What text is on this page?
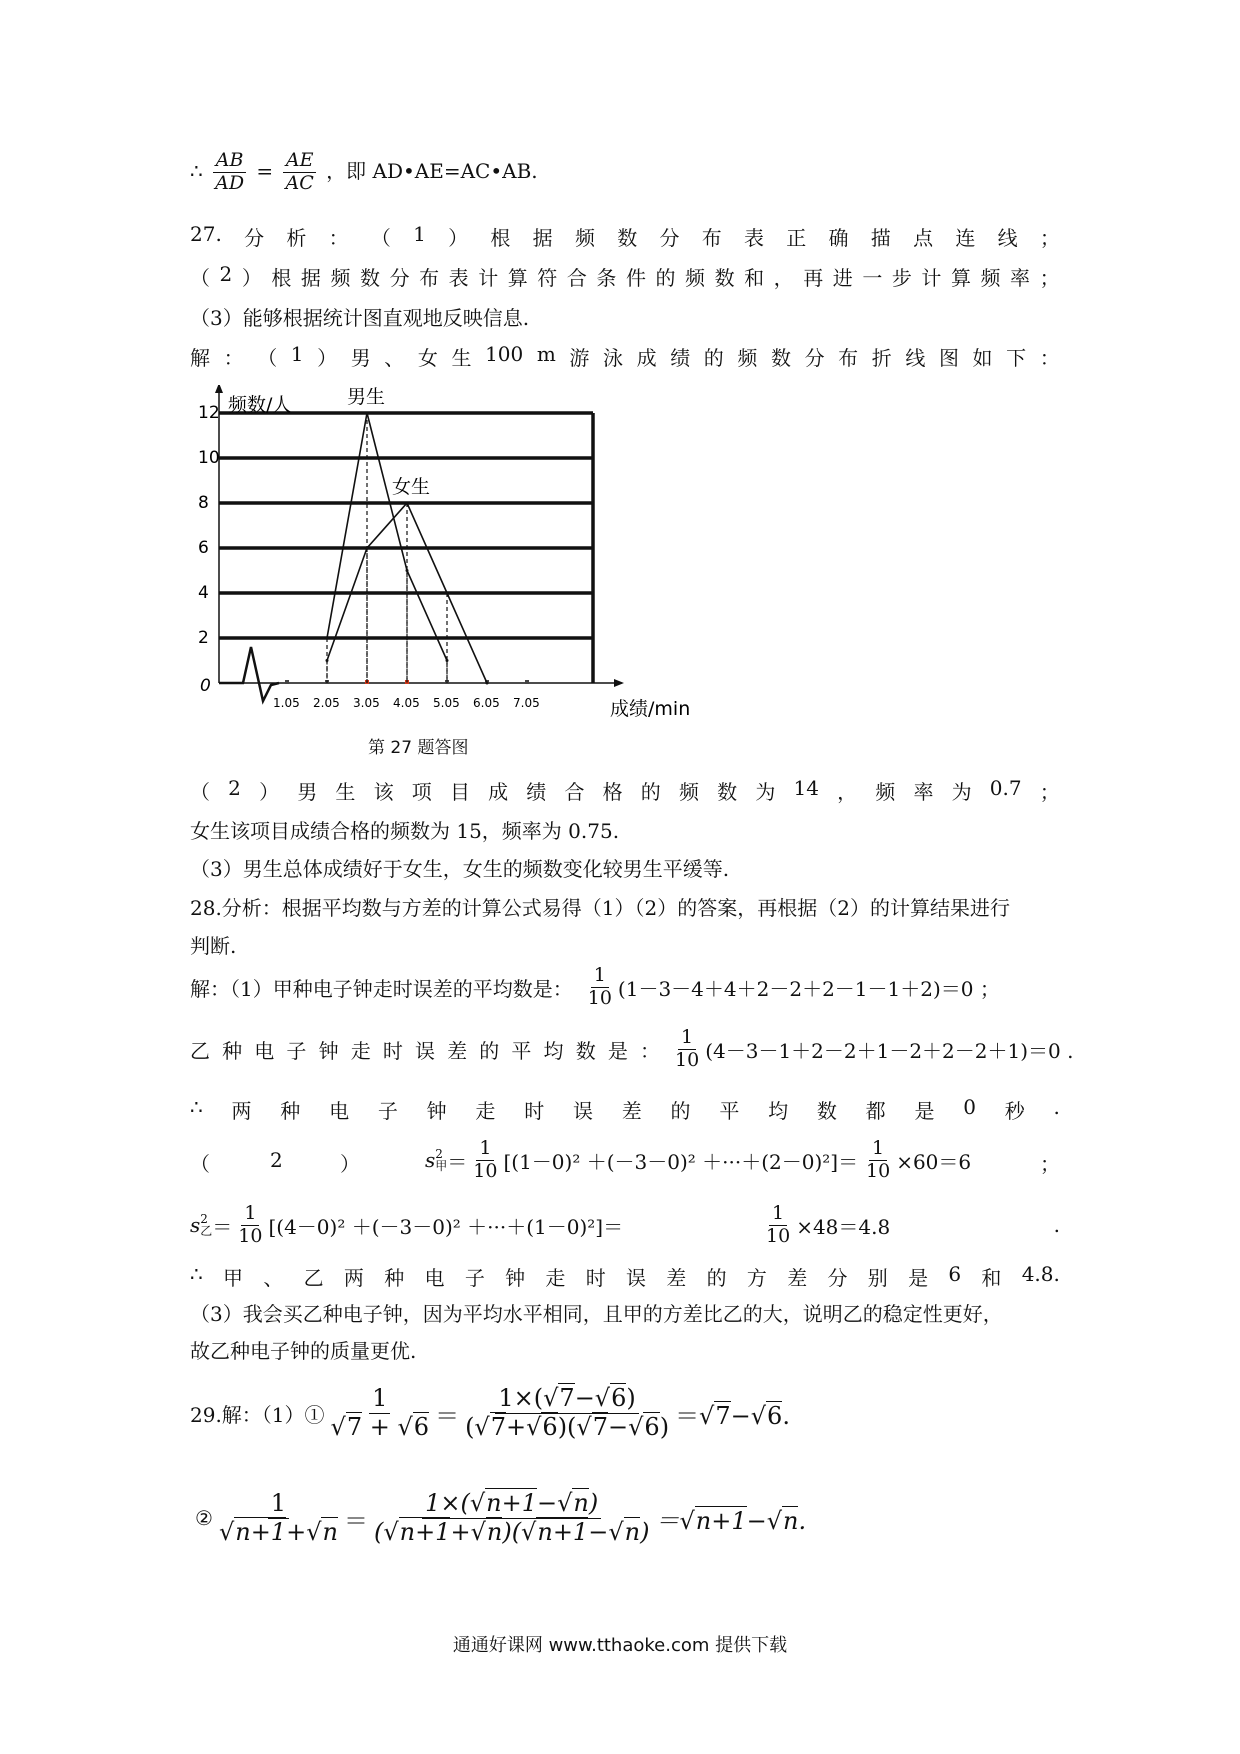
∴ $\frac{AB}{AD} = \frac{AE}{AC}$ ，即 AD•AE=AC•AB.
27. 分 析 ： （ 1 ） 根 据 频 数 分 布 表 正 确 描 点 连 线 ；
（ 2 ） 根 据 频 数 分 布 表 计 算 符 合 条 件 的 频 数 和 ， 再 进 一 步 计 算 频 率 ；
（3）能够根据统计图直观地反映信息.
解 ： （ 1 ） 男 、 女 生 100 m 游 泳 成 绩 的 频 数 分 布 折 线 图 如 下 ：
2
4
6
8
10
12
0
频数/人
成绩/min
1.05 2.05 3.05 4.05 5.05 6.05 7.05
男生
女生
第 27 题答图
（ 2 ） 男 生 该 项 目 成 绩 合 格 的 频 数 为 14 ， 频 率 为 0.7 ；
女生该项目成绩合格的频数为 15，频率为 0.75.
（3）男生总体成绩好于女生，女生的频数变化较男生平缓等.
28.分析：根据平均数与方差的计算公式易得（1）（2）的答案，再根据（2）的计算结果进行
判断.
解：（1）甲种电子钟走时误差的平均数是： $\frac{1}{10} (1-3-4+4+2-2+2-1-1+2)=0$ ；
乙 种 电 子 钟 走 时 误 差 的 平 均 数 是 ： $\frac{1}{10} (4-3-1+2-2+1-2+2-2+1)=0$ .
∴ 两 种 电 子 钟 走 时 误 差 的 平 均 数 都 是 0 秒 .
（	2	）	s 2
甲 ＝ $\frac{1}{10} [(1-0)^2 +(-3-0)^2 +\cdot\cdot\cdot+(2-0)^2]= \frac{1}{10} \times 60=6$	；
s 2
乙 ＝ $\frac{1}{10} [(4-0)^2 +(-3-0)^2 +\cdot\cdot\cdot+(1-0)^2]=$	$\frac{1}{10} \times 48=4.8$	.
∴ 甲 、 乙 两 种 电 子 钟 走 时 误 差 的 方 差 分 别 是 6 和 4.8.
（3）我会买乙种电子钟，因为平均水平相同，且甲的方差比乙的大，说明乙的稳定性更好，
故乙种电子钟的质量更优.
29.解：（1）① $\frac{1}{√7 + √6} = \frac{1\times(√7-√6)}{(√7+√6)(√7-√6)} =√7-√6$.
② $\frac{1}{√n+1+√n} = \frac{1\times(√n+1-√n)}{(√n+1+√n)(√n+1-√n)} =√n+1-√n$.
通通好课网 www.tthaoke.com 提供下载
